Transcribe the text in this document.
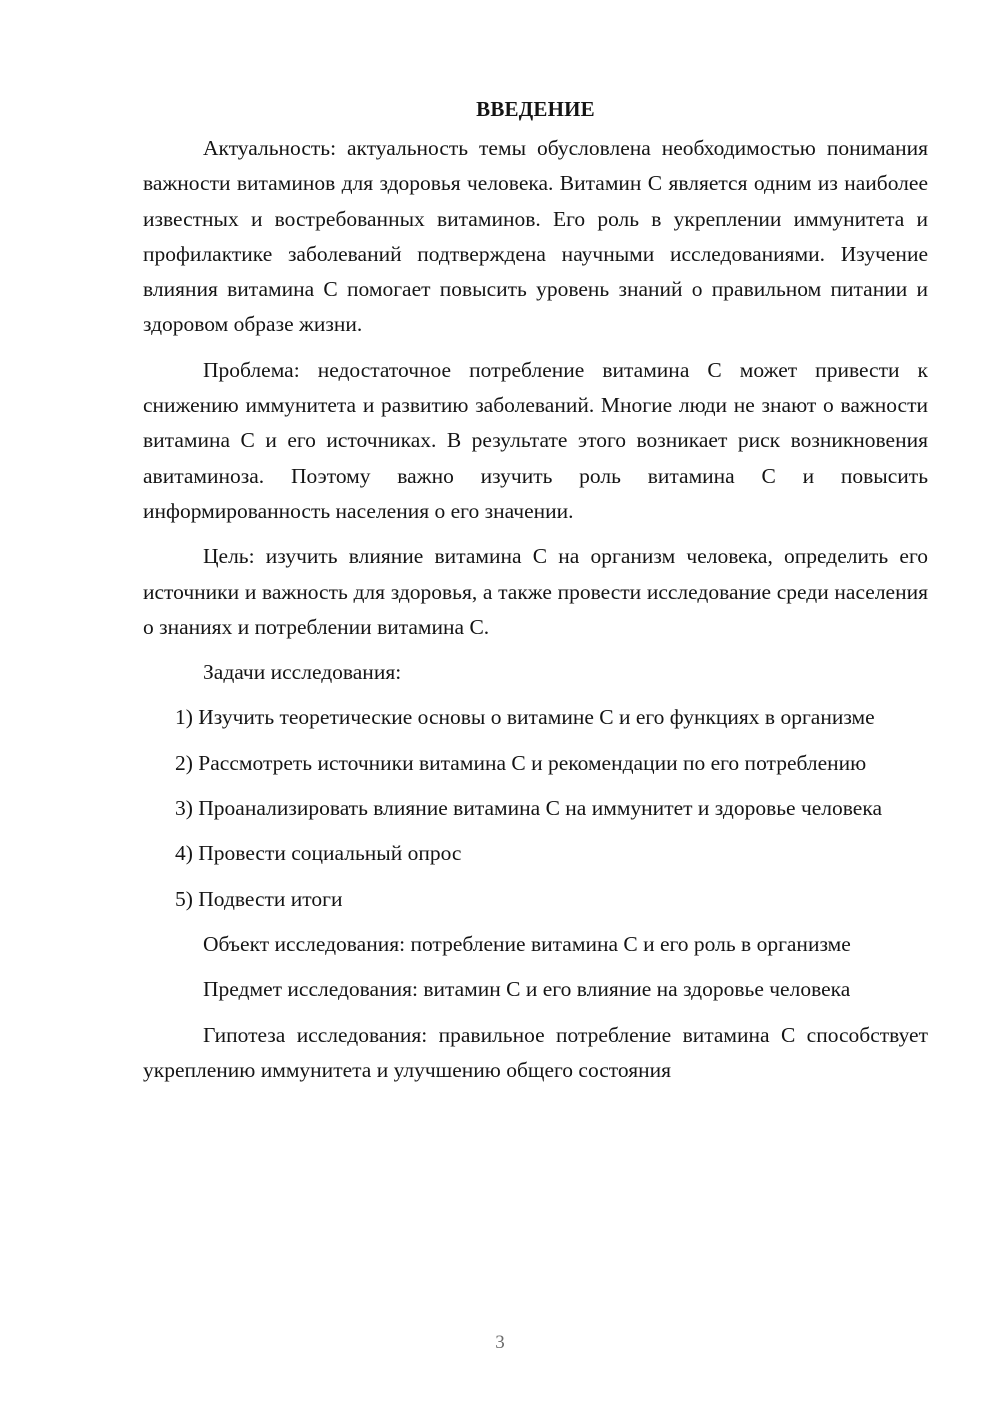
ВВЕДЕНИЕ

Актуальность: актуальность темы обусловлена необходимостью понимания важности витаминов для здоровья человека. Витамин С является одним из наиболее известных и востребованных витаминов. Его роль в укреплении иммунитета и профилактике заболеваний подтверждена научными исследованиями. Изучение влияния витамина С помогает повысить уровень знаний о правильном питании и здоровом образе жизни.

Проблема: недостаточное потребление витамина С может привести к снижению иммунитета и развитию заболеваний. Многие люди не знают о важности витамина С и его источниках. В результате этого возникает риск возникновения авитаминоза. Поэтому важно изучить роль витамина С и повысить информированность населения о его значении.

Цель: изучить влияние витамина С на организм человека, определить его источники и важность для здоровья, а также провести исследование среди населения о знаниях и потреблении витамина С.

Задачи исследования:

1) Изучить теоретические основы о витамине С и его функциях в организме

2) Рассмотреть источники витамина С и рекомендации по его потреблению

3) Проанализировать влияние витамина С на иммунитет и здоровье человека

4) Провести социальный опрос

5) Подвести итоги

Объект исследования: потребление витамина С и его роль в организме

Предмет исследования: витамин С и его влияние на здоровье человека

Гипотеза исследования: правильное потребление витамина С способствует укреплению иммунитета и улучшению общего состояния

3
